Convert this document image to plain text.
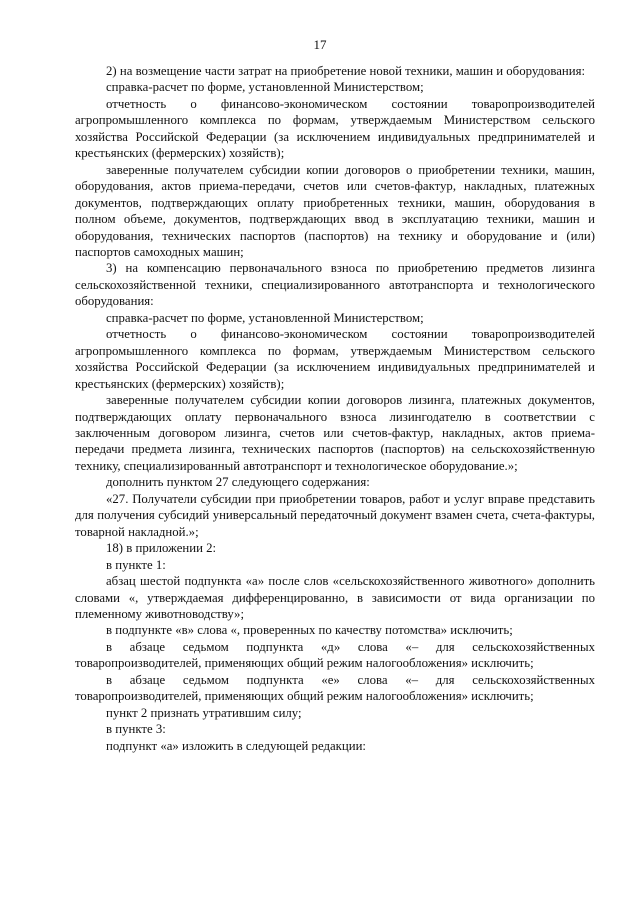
17

2) на возмещение части затрат на приобретение новой техники, машин и оборудования:

справка-расчет по форме, установленной Министерством;

отчетность о финансово-экономическом состоянии товаропроизводителей агропромышленного комплекса по формам, утверждаемым Министерством сельского хозяйства Российской Федерации (за исключением индивидуальных предпринимателей и крестьянских (фермерских) хозяйств);

заверенные получателем субсидии копии договоров о приобретении техники, машин, оборудования, актов приема-передачи, счетов или счетов-фактур, накладных, платежных документов, подтверждающих оплату приобретенных техники, машин, оборудования в полном объеме, документов, подтверждающих ввод в эксплуатацию техники, машин и оборудования, технических паспортов (паспортов) на технику и оборудование и (или) паспортов самоходных машин;

3) на компенсацию первоначального взноса по приобретению предметов лизинга сельскохозяйственной техники, специализированного автотранспорта и технологического оборудования:

справка-расчет по форме, установленной Министерством;

отчетность о финансово-экономическом состоянии товаропроизводителей агропромышленного комплекса по формам, утверждаемым Министерством сельского хозяйства Российской Федерации (за исключением индивидуальных предпринимателей и крестьянских (фермерских) хозяйств);

заверенные получателем субсидии копии договоров лизинга, платежных документов, подтверждающих оплату первоначального взноса лизингодателю в соответствии с заключенным договором лизинга, счетов или счетов-фактур, накладных, актов приема-передачи предмета лизинга, технических паспортов (паспортов) на сельскохозяйственную технику, специализированный автотранспорт и технологическое оборудование.»;

дополнить пунктом 27 следующего содержания:

«27. Получатели субсидии при приобретении товаров, работ и услуг вправе представить для получения субсидий универсальный передаточный документ взамен счета, счета-фактуры, товарной накладной.»;

18) в приложении 2:

в пункте 1:

абзац шестой подпункта «а» после слов «сельскохозяйственного животного» дополнить словами «, утверждаемая дифференцированно, в зависимости от вида организации по племенному животноводству»;

в подпункте «в» слова «, проверенных по качеству потомства» исключить;

в абзаце седьмом подпункта «д» слова «– для сельскохозяйственных товаропроизводителей, применяющих общий режим налогообложения» исключить;

в абзаце седьмом подпункта «е» слова «– для сельскохозяйственных товаропроизводителей, применяющих общий режим налогообложения» исключить;

пункт 2 признать утратившим силу;

в пункте 3:

подпункт «а» изложить в следующей редакции:
